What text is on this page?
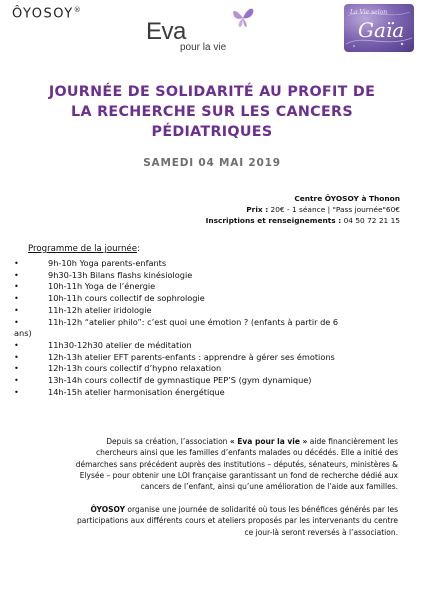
ÔYOSOY®
Eva
pour la vie
La Vie selon
Gaïa
JOURNÉE DE SOLIDARITÉ AU PROFIT DE
LA RECHERCHE SUR LES CANCERS
PÉDIATRIQUES
SAMEDI 04 MAI 2019
Centre ÔYOSOY à Thonon
Prix : 20€ - 1 séance | "Pass journée"60€
Inscriptions et renseignements : 04 50 72 21 15
Programme de la journée:
•	9h-10h Yoga parents-enfants
•	9h30-13h Bilans flashs kinésiologie
•	10h-11h Yoga de l’énergie
•	10h-11h cours collectif de sophrologie
•	11h-12h atelier iridologie
•	11h-12h “atelier philo”: c’est quoi une émotion ? (enfants à partir de 6
ans)
•	11h30-12h30 atelier de méditation
•	12h-13h atelier EFT parents-enfants : apprendre à gérer ses émotions
•	12h-13h cours collectif d’hypno relaxation
•	13h-14h cours collectif de gymnastique PEP’S (gym dynamique)
•	14h-15h atelier harmonisation énergétique
Depuis sa création, l’association « Eva pour la vie » aide financièrement les
chercheurs ainsi que les familles d’enfants malades ou décédés. Elle a initié des
démarches sans précédent auprès des institutions – députés, sénateurs, ministères &
Elysée – pour obtenir une LOI française garantissant un fond de recherche dédié aux
cancers de l’enfant, ainsi qu’une amélioration de l’aide aux familles.
ÔYOSOY organise une journée de solidarité où tous les bénéfices générés par les
participations aux différents cours et ateliers proposés par les intervenants du centre
ce jour-là seront reversés à l’association.
